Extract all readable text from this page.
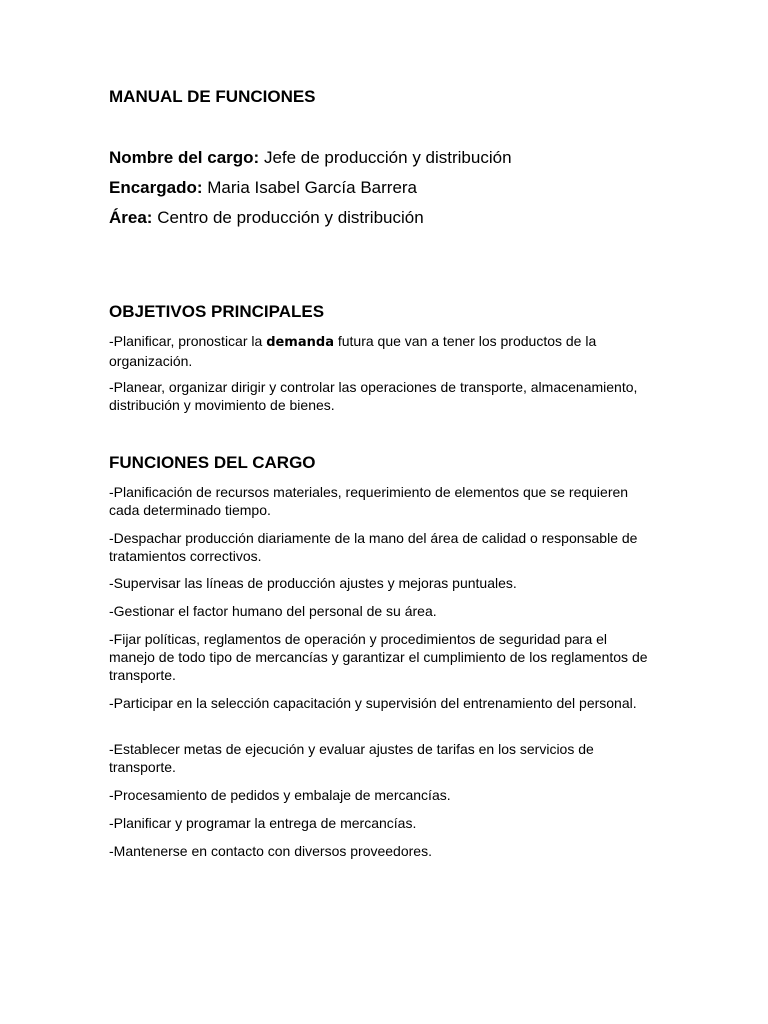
MANUAL DE FUNCIONES
Nombre del cargo: Jefe de producción y distribución
Encargado: Maria Isabel García Barrera
Área: Centro de producción y distribución
OBJETIVOS PRINCIPALES
-Planificar, pronosticar la demanda futura que van a tener los productos de la organización.
-Planear, organizar dirigir y controlar las operaciones de transporte, almacenamiento, distribución y movimiento de bienes.
FUNCIONES DEL CARGO
-Planificación de recursos materiales, requerimiento de elementos que se requieren cada determinado tiempo.
-Despachar producción diariamente de la mano del área de calidad o responsable de tratamientos correctivos.
-Supervisar las líneas de producción ajustes y mejoras puntuales.
-Gestionar el factor humano del personal de su área.
-Fijar políticas, reglamentos de operación y procedimientos de seguridad para el manejo de todo tipo de mercancías y garantizar el cumplimiento de los reglamentos de transporte.
-Participar en la selección capacitación y supervisión del entrenamiento del personal.
-Establecer metas de ejecución y evaluar ajustes de tarifas en los servicios de transporte.
-Procesamiento de pedidos y embalaje de mercancías.
-Planificar y programar la entrega de mercancías.
-Mantenerse en contacto con diversos proveedores.
